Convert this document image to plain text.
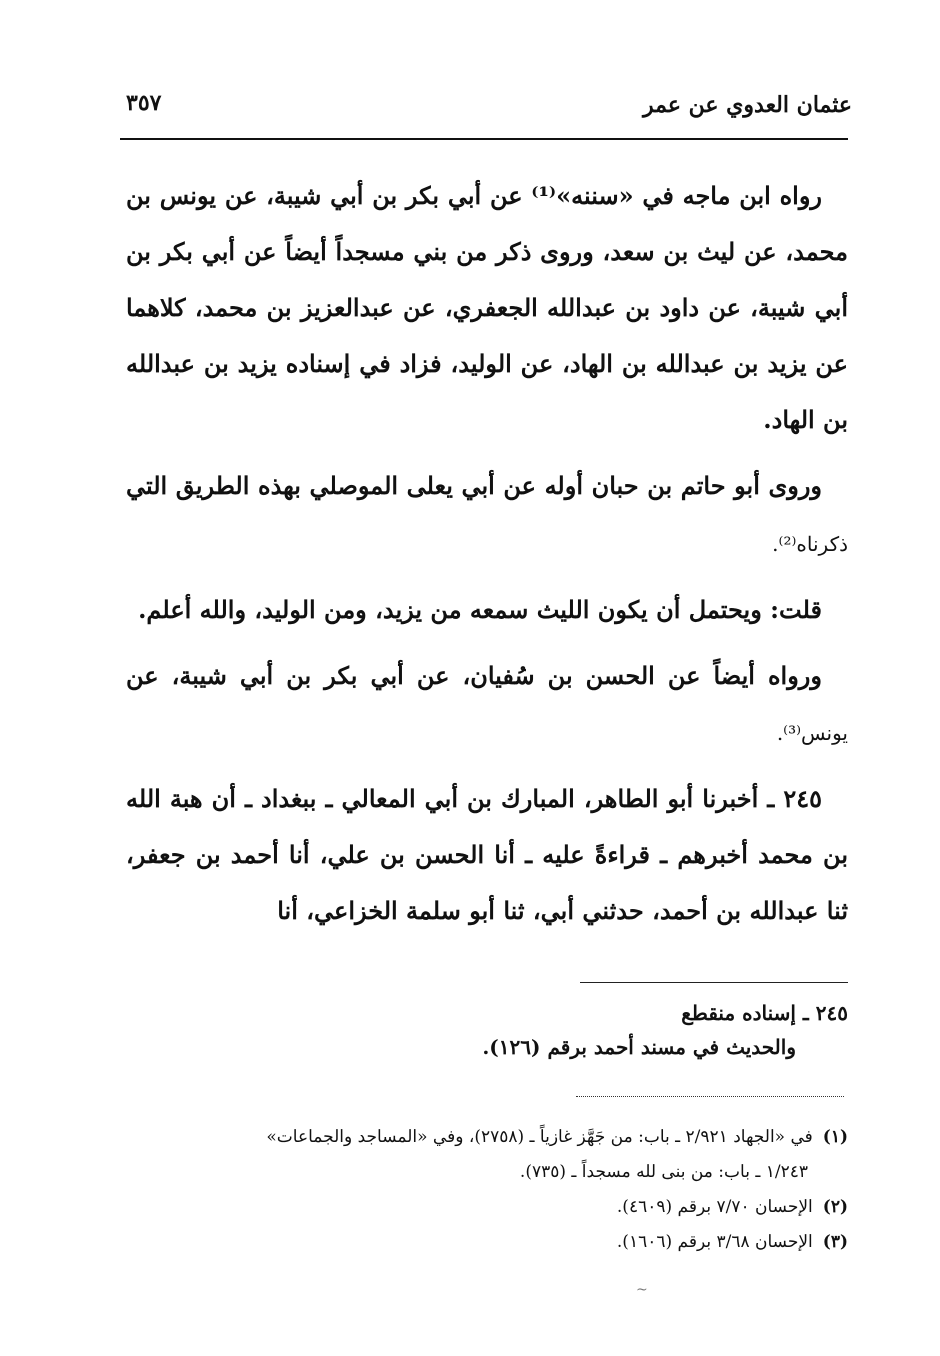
عثمان العدوي عن عمر
٣٥٧

رواه ابن ماجه في «سننه»⁽¹⁾ عن أبي بكر بن أبي شيبة، عن يونس بن محمد، عن ليث بن سعد، وروى ذكر من بني مسجداً أيضاً عن أبي بكر بن أبي شيبة، عن داود بن عبدالله الجعفري، عن عبدالعزيز بن محمد، كلاهما عن يزيد بن عبدالله بن الهاد، عن الوليد، فزاد في إسناده يزيد بن عبدالله بن الهاد.

وروى أبو حاتم بن حبان أوله عن أبي يعلى الموصلي بهذه الطريق التي ذكرناه⁽²⁾.

قلت: ويحتمل أن يكون الليث سمعه من يزيد، ومن الوليد، والله أعلم.

ورواه أيضاً عن الحسن بن سُفيان، عن أبي بكر بن أبي شيبة، عن يونس⁽³⁾.

٢٤٥ ـ أخبرنا أبو الطاهر، المبارك بن أبي المعالي ـ ببغداد ـ أن هبة الله بن محمد أخبرهم ـ قراءةً عليه ـ أنا الحسن بن علي، أنا أحمد بن جعفر، ثنا عبدالله بن أحمد، حدثني أبي، ثنا أبو سلمة الخزاعي، أنا

٢٤٥ ـ إسناده منقطع
والحديث في مسند أحمد برقم (١٢٦).

(١)في «الجهاد ٢/٩٢١ ـ باب: من جَهَّز غازياً ـ (٢٧٥٨)، وفي «المساجد والجماعات»

١/٢٤٣ ـ باب: من بنى لله مسجداً ـ (٧٣٥).

(٢)الإحسان ٧/٧٠ برقم (٤٦٠٩).

(٣)الإحسان ٣/٦٨ برقم (١٦٠٦).

~
